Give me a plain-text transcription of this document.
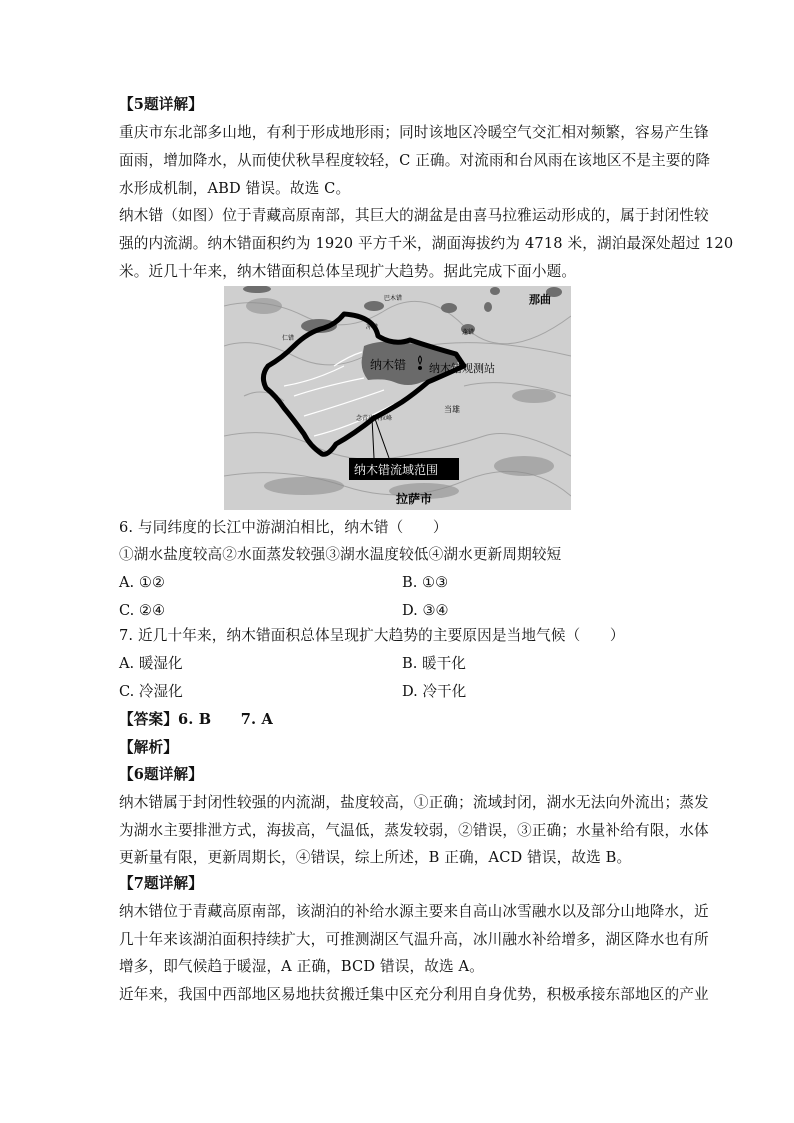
【5题详解】
重庆市东北部多山地，有利于形成地形雨；同时该地区冷暖空气交汇相对频繁，容易产生锋
面雨，增加降水，从而使伏秋旱程度较轻，C 正确。对流雨和台风雨在该地区不是主要的降
水形成机制，ABD 错误。故选 C。
纳木错（如图）位于青藏高原南部，其巨大的湖盆是由喜马拉雅运动形成的，属于封闭性较
强的内流湖。纳木错面积约为 1920 平方千米，湖面海拔约为 4718 米，湖泊最深处超过 120
米。近几十年来，纳木错面积总体呈现扩大趋势。据此完成下面小题。
纳木错 纳木错观测站
纳木错流域范围
拉萨市
那曲
当雄
念青唐古拉峰
巴木错
蓬错
仁错
冲错
6. 与同纬度的长江中游湖泊相比，纳木错（　　）
①湖水盐度较高②水面蒸发较强③湖水温度较低④湖水更新周期较短
A. ①②	B. ①③
C. ②④	D. ③④
7. 近几十年来，纳木错面积总体呈现扩大趋势的主要原因是当地气候（　　）
A. 暖湿化	B. 暖干化
C. 冷湿化	D. 冷干化
【答案】6. B　　7. A
【解析】
【6题详解】
纳木错属于封闭性较强的内流湖，盐度较高，①正确；流域封闭，湖水无法向外流出；蒸发
为湖水主要排泄方式，海拔高，气温低，蒸发较弱，②错误，③正确；水量补给有限，水体
更新量有限，更新周期长，④错误，综上所述，B 正确，ACD 错误，故选 B。
【7题详解】
纳木错位于青藏高原南部，该湖泊的补给水源主要来自高山冰雪融水以及部分山地降水，近
几十年来该湖泊面积持续扩大，可推测湖区气温升高，冰川融水补给增多，湖区降水也有所
增多，即气候趋于暖湿，A 正确，BCD 错误，故选 A。
近年来，我国中西部地区易地扶贫搬迁集中区充分利用自身优势，积极承接东部地区的产业
